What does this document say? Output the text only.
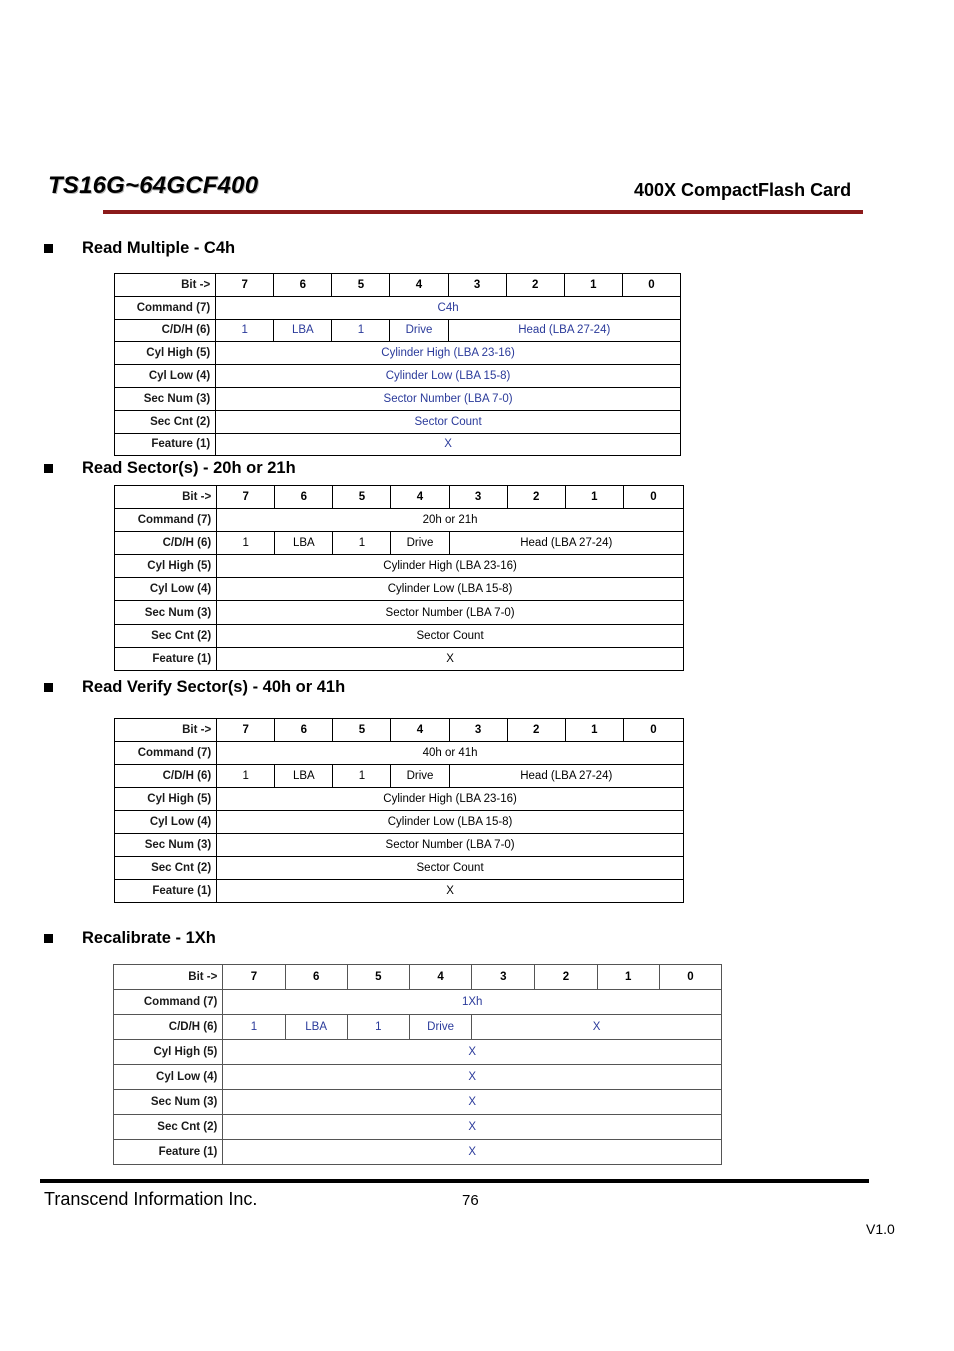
TS16G~64GCF400	400X CompactFlash Card
Read Multiple - C4h
Bit ->	7	6	5	4	3	2	1	0
Command (7)	C4h							
C/D/H (6)	1	LBA	1	Drive	Head (LBA 27-24)			
Cyl High (5)	Cylinder High (LBA 23-16)							
Cyl Low (4)	Cylinder Low (LBA 15-8)							
Sec Num (3)	Sector Number (LBA 7-0)							
Sec Cnt (2)	Sector Count							
Feature (1)	X							
Read Sector(s) - 20h or 21h
Bit ->	7	6	5	4	3	2	1	0
Command (7)	20h or 21h							
C/D/H (6)	1	LBA	1	Drive	Head (LBA 27-24)			
Cyl High (5)	Cylinder High (LBA 23-16)							
Cyl Low (4)	Cylinder Low (LBA 15-8)							
Sec Num (3)	Sector Number (LBA 7-0)							
Sec Cnt (2)	Sector Count							
Feature (1)	X							
Read Verify Sector(s) - 40h or 41h
Bit ->	7	6	5	4	3	2	1	0
Command (7)	40h or 41h							
C/D/H (6)	1	LBA	1	Drive	Head (LBA 27-24)			
Cyl High (5)	Cylinder High (LBA 23-16)							
Cyl Low (4)	Cylinder Low (LBA 15-8)							
Sec Num (3)	Sector Number (LBA 7-0)							
Sec Cnt (2)	Sector Count							
Feature (1)	X							
Recalibrate - 1Xh
Bit ->	7	6	5	4	3	2	1	0
Command (7)	1Xh							
C/D/H (6)	1	LBA	1	Drive	X			
Cyl High (5)	X							
Cyl Low (4)	X							
Sec Num (3)	X							
Sec Cnt (2)	X							
Feature (1)	X							
Transcend Information Inc.	76
V1.0
